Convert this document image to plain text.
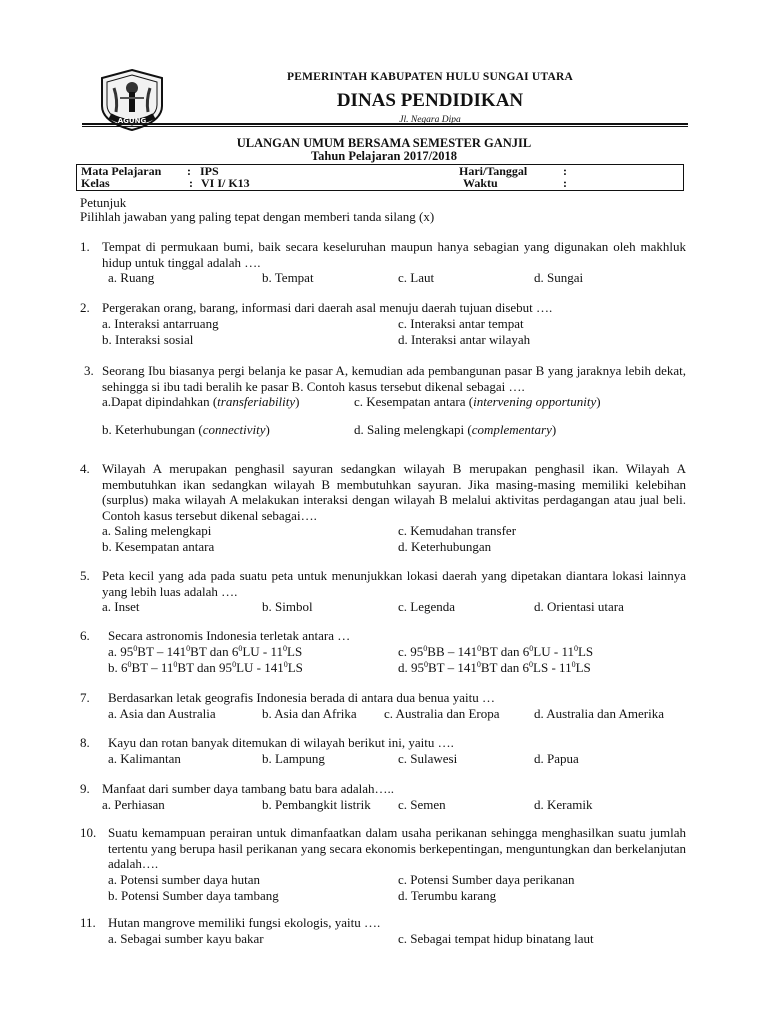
AGUNG
PEMERINTAH KABUPATEN HULU SUNGAI UTARA
DINAS PENDIDIKAN
Jl. Negara Dipa
ULANGAN UMUM BERSAMA SEMESTER GANJIL
Tahun Pelajaran 2017/2018
Mata Pelajaran : IPS
Kelas	: VI I/ K13
Hari/Tanggal	:
Waktu	:
Petunjuk
Pilihlah jawaban yang paling tepat dengan memberi tanda silang (x)
1. Tempat di permukaan bumi, baik secara keseluruhan maupun hanya sebagian yang digunakan oleh makhluk hidup untuk tinggal adalah ….
a. Ruang	b. Tempat	c. Laut	d. Sungai
2. Pergerakan orang, barang, informasi dari daerah asal menuju daerah tujuan disebut ….
a. Interaksi antarruang	c. Interaksi antar tempat
b. Interaksi sosial	d. Interaksi antar wilayah
3. Seorang Ibu biasanya pergi belanja ke pasar A, kemudian ada pembangunan pasar B yang jaraknya lebih dekat, sehingga si ibu tadi beralih ke pasar B. Contoh kasus tersebut dikenal sebagai ….
a.Dapat dipindahkan (transferiability)	c. Kesempatan antara (intervening opportunity)
b. Keterhubungan (connectivity)	d. Saling melengkapi (complementary)
4. Wilayah A merupakan penghasil sayuran sedangkan wilayah B merupakan penghasil ikan. Wilayah A membutuhkan ikan sedangkan wilayah B membutuhkan sayuran. Jika masing-masing memiliki kelebihan (surplus) maka wilayah A melakukan interaksi dengan wilayah B melalui aktivitas perdagangan atau jual beli. Contoh kasus tersebut dikenal sebagai….
a. Saling melengkapi	c. Kemudahan transfer
b. Kesempatan antara	d. Keterhubungan
5. Peta kecil yang ada pada suatu peta untuk menunjukkan lokasi daerah yang dipetakan diantara lokasi lainnya yang lebih luas adalah ….
a. Inset	b. Simbol	c. Legenda	d. Orientasi utara
6. Secara astronomis Indonesia terletak antara …
a. $95^0BT - 141^0BT$ dan $6^0LU - 11^0LS$	c. $95^0BB - 141^0BT$ dan $6^0LU - 11^0LS$
b. $6^0BT - 11^0BT$ dan $95^0LU - 141^0LS$	d. $95^0BT - 141^0BT$ dan $6^0LS - 11^0LS$
7. Berdasarkan letak geografis Indonesia berada di antara dua benua yaitu …
a. Asia dan Australia	b. Asia dan Afrika c. Australia dan Eropa	d. Australia dan Amerika
8. Kayu dan rotan banyak ditemukan di wilayah berikut ini, yaitu ….
a. Kalimantan	b. Lampung	c. Sulawesi	d. Papua
9. Manfaat dari sumber daya tambang batu bara adalah…..
a. Perhiasan	b. Pembangkit listrik c. Semen	d. Keramik
10. Suatu kemampuan perairan untuk dimanfaatkan dalam usaha perikanan sehingga menghasilkan suatu jumlah tertentu yang berupa hasil perikanan yang secara ekonomis berkepentingan, menguntungkan dan berkelanjutan adalah….
a. Potensi sumber daya hutan	c. Potensi Sumber daya perikanan
b. Potensi Sumber daya tambang	d. Terumbu karang
11. Hutan mangrove memiliki fungsi ekologis, yaitu ….
a. Sebagai sumber kayu bakar	c. Sebagai tempat hidup binatang laut
